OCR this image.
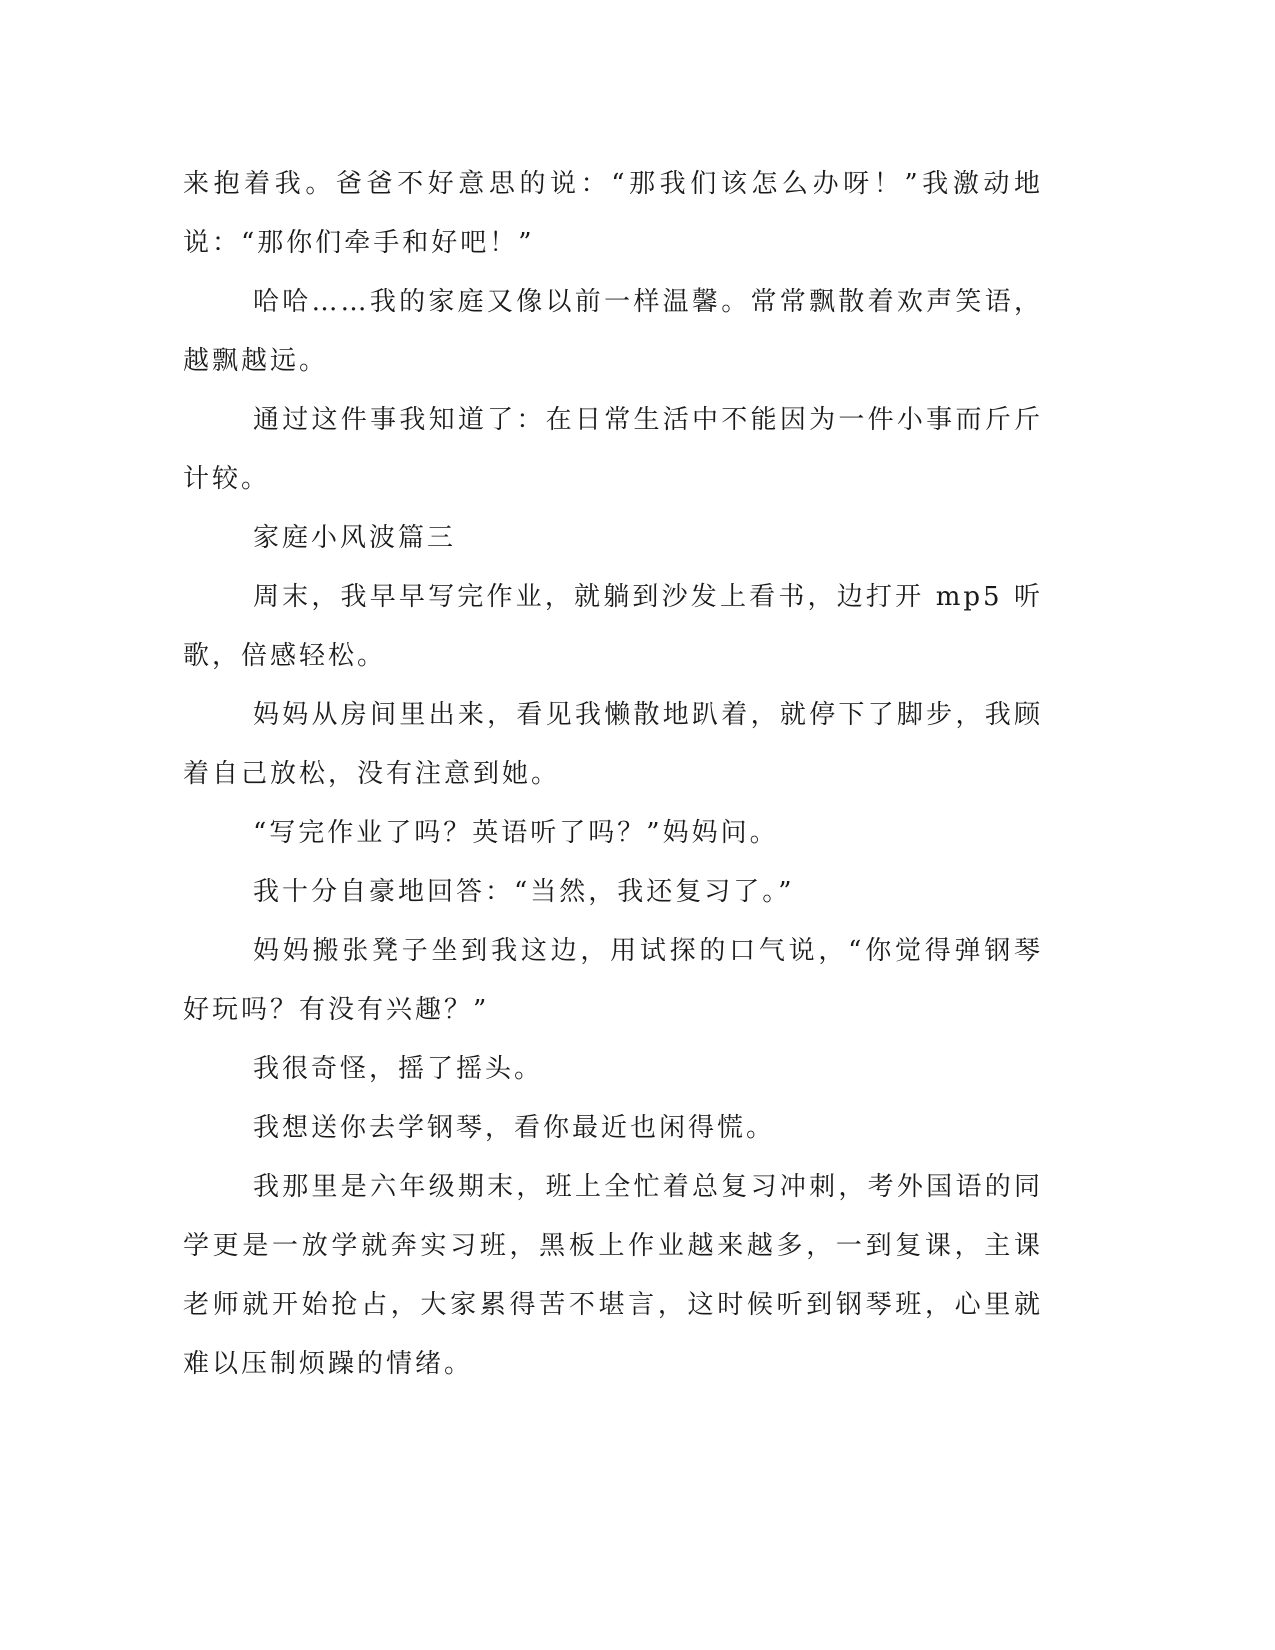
来抱着我。爸爸不好意思的说：“那我们该怎么办呀！”我激动地说：“那你们牵手和好吧！”

哈哈……我的家庭又像以前一样温馨。常常飘散着欢声笑语，越飘越远。

通过这件事我知道了：在日常生活中不能因为一件小事而斤斤计较。

家庭小风波篇三

周末，我早早写完作业，就躺到沙发上看书，边打开 mp5 听歌，倍感轻松。

妈妈从房间里出来，看见我懒散地趴着，就停下了脚步，我顾着自己放松，没有注意到她。

“写完作业了吗？英语听了吗？”妈妈问。

我十分自豪地回答：“当然，我还复习了。”

妈妈搬张凳子坐到我这边，用试探的口气说，“你觉得弹钢琴好玩吗？有没有兴趣？”

我很奇怪，摇了摇头。

我想送你去学钢琴，看你最近也闲得慌。

我那里是六年级期末，班上全忙着总复习冲刺，考外国语的同学更是一放学就奔实习班，黑板上作业越来越多，一到复课，主课老师就开始抢占，大家累得苦不堪言，这时候听到钢琴班，心里就难以压制烦躁的情绪。
